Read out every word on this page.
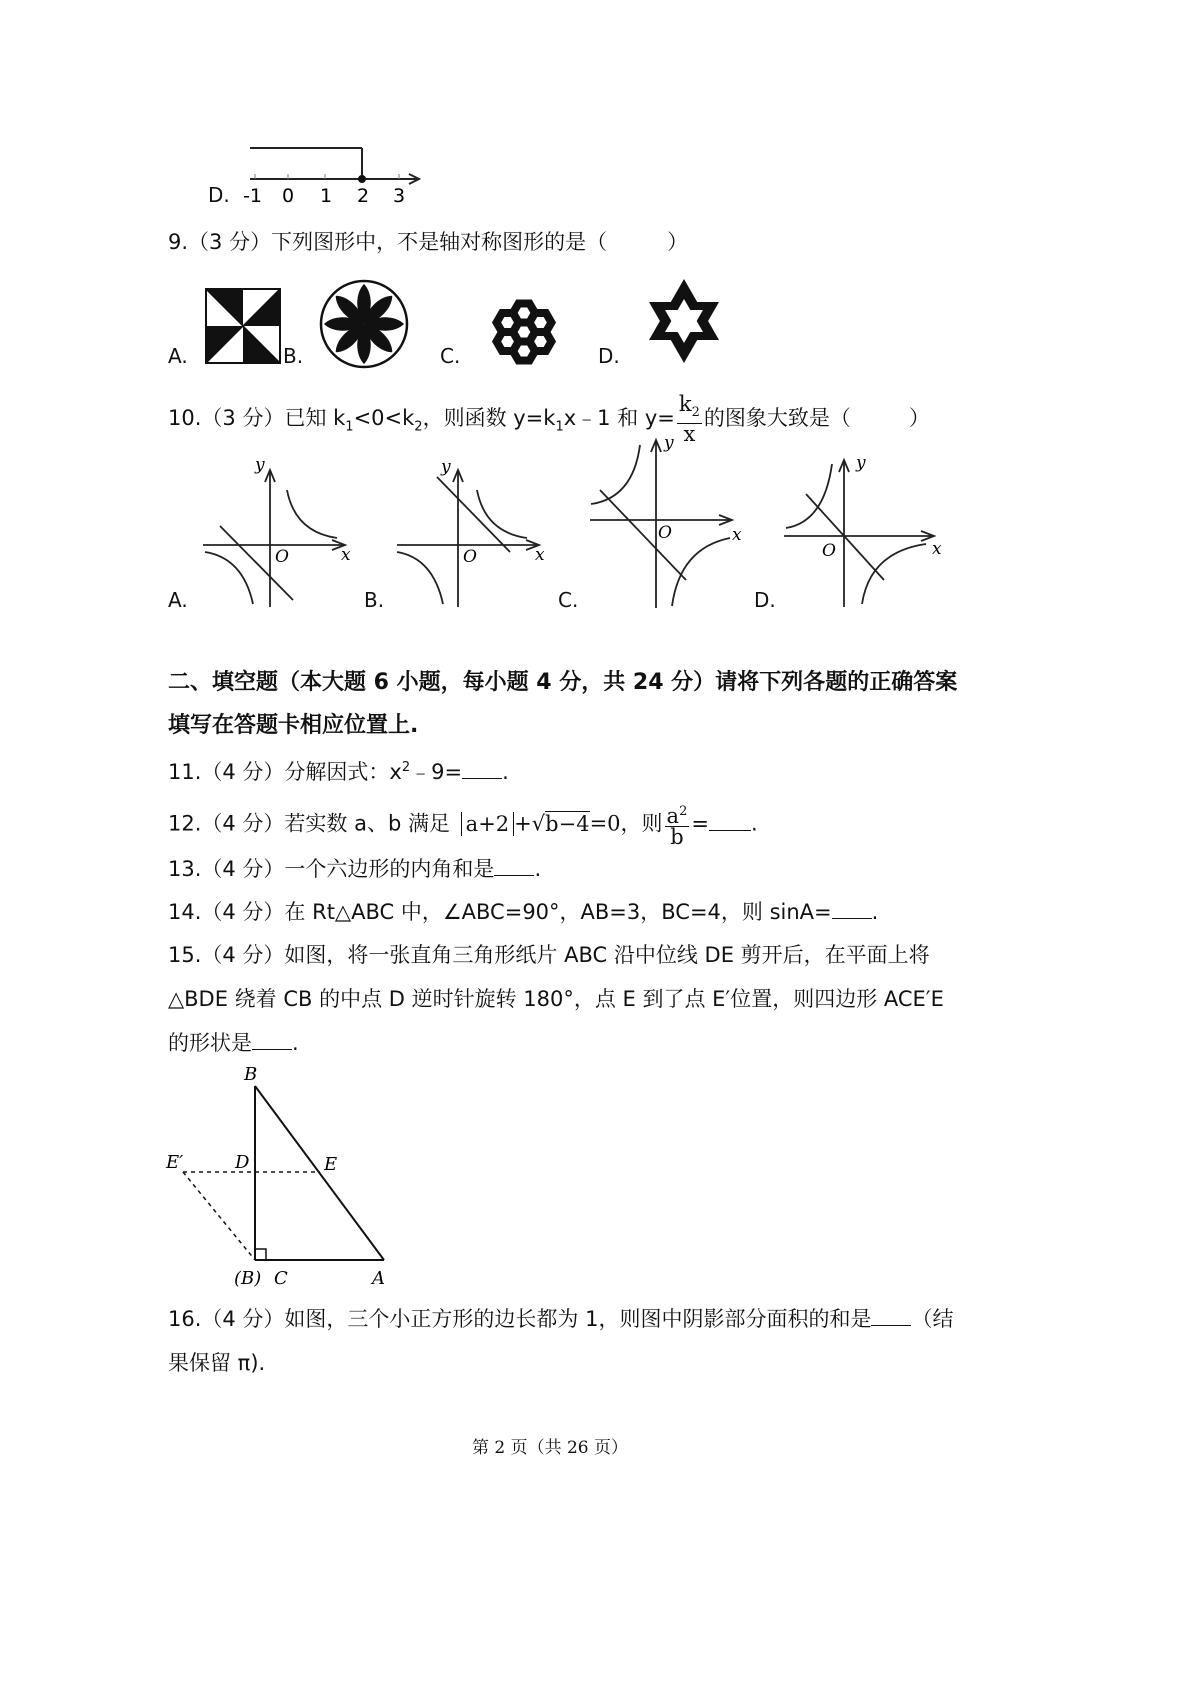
-1 0 1 2 3
D.
9.（3 分）下列图形中，不是轴对称图形的是（	）
A.	B.	C.	D.
10.（3 分）已知 $k_1<0<k_2$，则函数 $y=k_1x﹣1$ 和 $y= \frac{k_2}{x}$ 的图象大致是（	）
y
x
O
A.
y
x
O
B.
y
x
O
C.
y
x
O
D.
二、填空题（本大题 6 小题，每小题 4 分，共 24 分）请将下列各题的正确答案
填写在答题卡相应位置上.
11.（4 分）分解因式：$x^2﹣9=$ .
12.（4 分）若实数 a、b 满足 a+2 +√b−4=0，则 $\frac{a^2}{b}$ = .
13.（4 分）一个六边形的内角和是 .
14.（4 分）在 Rt△ABC 中，∠ABC=90°，AB=3，BC=4，则 sinA= .
15.（4 分）如图，将一张直角三角形纸片 ABC 沿中位线 DE 剪开后，在平面上将
△BDE 绕着 CB 的中点 D 逆时针旋转 180°，点 E 到了点 E′位置，则四边形 ACE′E
的形状是 .
B
D	E
E′
(B) C	A
16.（4 分）如图，三个小正方形的边长都为 1，则图中阴影部分面积的和是 （结
果保留 π).
第 2 页（共 26 页）
